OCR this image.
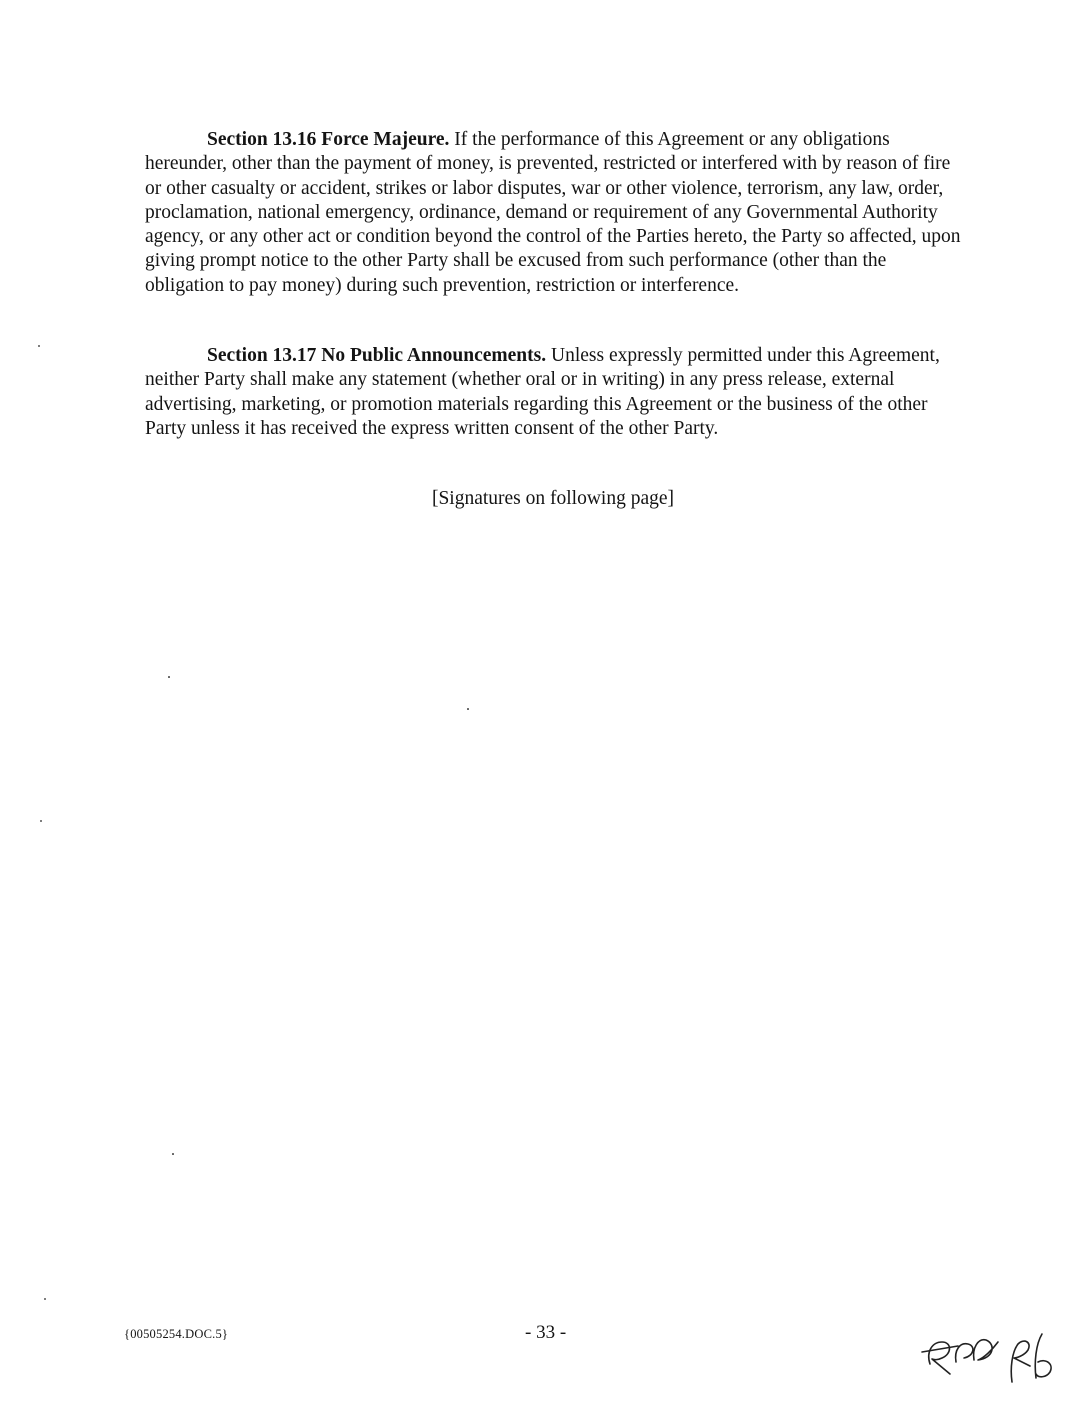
Section 13.16 Force Majeure. If the performance of this Agreement or any obligations hereunder, other than the payment of money, is prevented, restricted or interfered with by reason of fire or other casualty or accident, strikes or labor disputes, war or other violence, terrorism, any law, order, proclamation, national emergency, ordinance, demand or requirement of any Governmental Authority agency, or any other act or condition beyond the control of the Parties hereto, the Party so affected, upon giving prompt notice to the other Party shall be excused from such performance (other than the obligation to pay money) during such prevention, restriction or interference.

Section 13.17 No Public Announcements. Unless expressly permitted under this Agreement, neither Party shall make any statement (whether oral or in writing) in any press release, external advertising, marketing, or promotion materials regarding this Agreement or the business of the other Party unless it has received the express written consent of the other Party.

[Signatures on following page]
{00505254.DOC.5}	- 33 -
